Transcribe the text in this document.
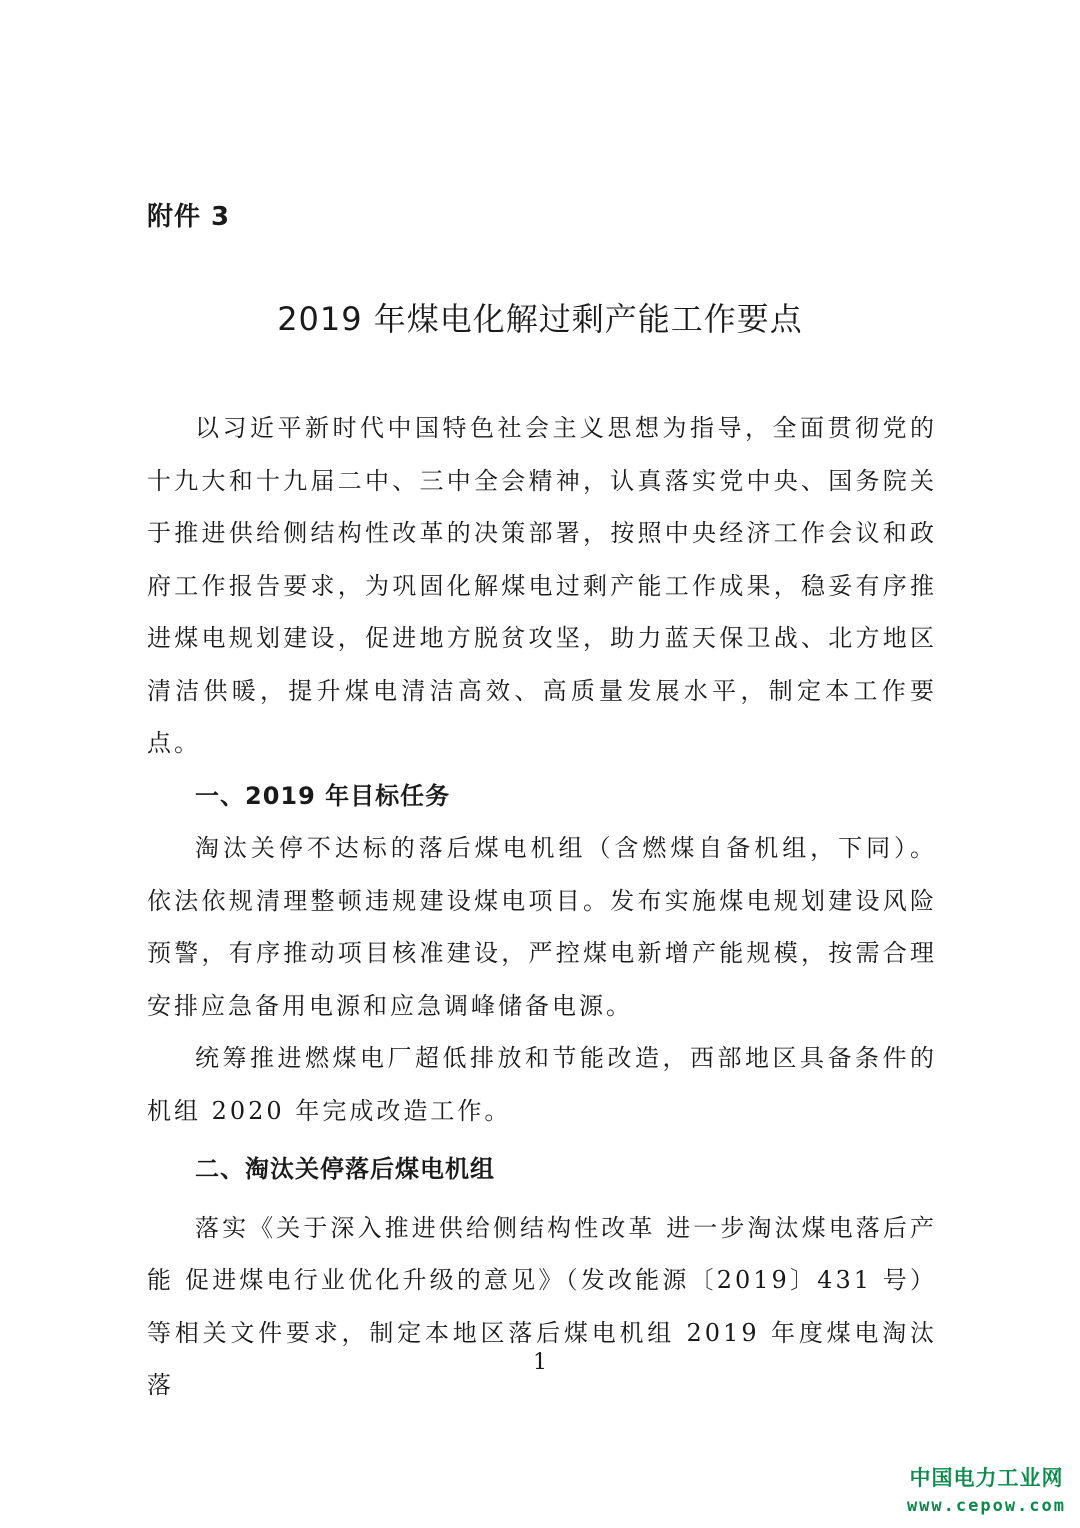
附件 3
2019 年煤电化解过剩产能工作要点

以习近平新时代中国特色社会主义思想为指导，全面贯彻党的十九大和十九届二中、三中全会精神，认真落实党中央、国务院关于推进供给侧结构性改革的决策部署，按照中央经济工作会议和政府工作报告要求，为巩固化解煤电过剩产能工作成果，稳妥有序推进煤电规划建设，促进地方脱贫攻坚，助力蓝天保卫战、北方地区清洁供暖，提升煤电清洁高效、高质量发展水平，制定本工作要点。

一、2019 年目标任务

淘汰关停不达标的落后煤电机组（含燃煤自备机组，下同）。依法依规清理整顿违规建设煤电项目。发布实施煤电规划建设风险预警，有序推动项目核准建设，严控煤电新增产能规模，按需合理安排应急备用电源和应急调峰储备电源。

统筹推进燃煤电厂超低排放和节能改造，西部地区具备条件的机组 2020 年完成改造工作。

二、淘汰关停落后煤电机组

落实《关于深入推进供给侧结构性改革 进一步淘汰煤电落后产能 促进煤电行业优化升级的意见》（发改能源〔2019〕431 号）等相关文件要求，制定本地区落后煤电机组 2019 年度煤电淘汰落

1
中国电力工业网
www.cepow.com
